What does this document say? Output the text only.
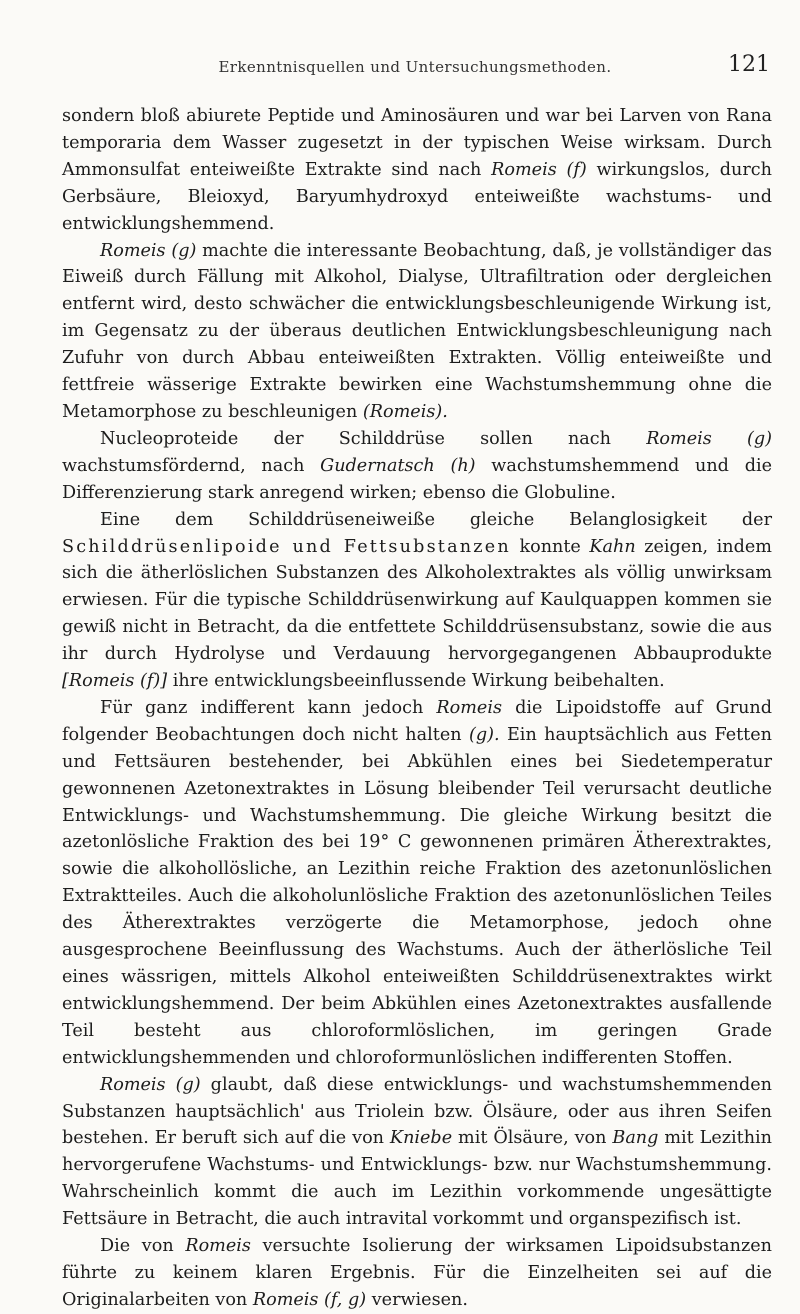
Erkenntnisquellen und Untersuchungsmethoden.	121

sondern bloß abiurete Peptide und Aminosäuren und war bei Larven von Rana temporaria dem Wasser zugesetzt in der typischen Weise wirksam. Durch Ammonsulfat enteiweißte Extrakte sind nach Romeis (f) wirkungslos, durch Gerbsäure, Bleioxyd, Baryumhydroxyd enteiweißte wachstums- und entwicklungshemmend.

Romeis (g) machte die interessante Beobachtung, daß, je vollständiger das Eiweiß durch Fällung mit Alkohol, Dialyse, Ultrafiltration oder dergleichen entfernt wird, desto schwächer die entwicklungsbeschleunigende Wirkung ist, im Gegensatz zu der überaus deutlichen Entwicklungsbeschleunigung nach Zufuhr von durch Abbau enteiweißten Extrakten. Völlig enteiweißte und fettfreie wässerige Extrakte bewirken eine Wachstumshemmung ohne die Metamorphose zu beschleunigen (Romeis).

Nucleoproteide der Schilddrüse sollen nach Romeis (g) wachstumsfördernd, nach Gudernatsch (h) wachstumshemmend und die Differenzierung stark anregend wirken; ebenso die Globuline.

Eine dem Schilddrüseneiweiße gleiche Belanglosigkeit der Schilddrüsenlipoide und Fettsubstanzen konnte Kahn zeigen, indem sich die ätherlöslichen Substanzen des Alkoholextraktes als völlig unwirksam erwiesen. Für die typische Schilddrüsenwirkung auf Kaulquappen kommen sie gewiß nicht in Betracht, da die entfettete Schilddrüsensubstanz, sowie die aus ihr durch Hydrolyse und Verdauung hervorgegangenen Abbauprodukte [Romeis (f)] ihre entwicklungsbeeinflussende Wirkung beibehalten.

Für ganz indifferent kann jedoch Romeis die Lipoidstoffe auf Grund folgender Beobachtungen doch nicht halten (g). Ein hauptsächlich aus Fetten und Fettsäuren bestehender, bei Abkühlen eines bei Siedetemperatur gewonnenen Azetonextraktes in Lösung bleibender Teil verursacht deutliche Entwicklungs- und Wachstumshemmung. Die gleiche Wirkung besitzt die azetonlösliche Fraktion des bei 19° C gewonnenen primären Ätherextraktes, sowie die alkohollösliche, an Lezithin reiche Fraktion des azetonunlöslichen Extraktteiles. Auch die alkoholunlösliche Fraktion des azetonunlöslichen Teiles des Ätherextraktes verzögerte die Metamorphose, jedoch ohne ausgesprochene Beeinflussung des Wachstums. Auch der ätherlösliche Teil eines wässrigen, mittels Alkohol enteiweißten Schilddrüsenextraktes wirkt entwicklungshemmend. Der beim Abkühlen eines Azetonextraktes ausfallende Teil besteht aus chloroformlöslichen, im geringen Grade entwicklungshemmenden und chloroformunlöslichen indifferenten Stoffen.

Romeis (g) glaubt, daß diese entwicklungs- und wachstumshemmenden Substanzen hauptsächlich' aus Triolein bzw. Ölsäure, oder aus ihren Seifen bestehen. Er beruft sich auf die von Kniebe mit Ölsäure, von Bang mit Lezithin hervorgerufene Wachstums- und Entwicklungs- bzw. nur Wachstumshemmung. Wahrscheinlich kommt die auch im Lezithin vorkommende ungesättigte Fettsäure in Betracht, die auch intravital vorkommt und organspezifisch ist.

Die von Romeis versuchte Isolierung der wirksamen Lipoidsubstanzen führte zu keinem klaren Ergebnis. Für die Einzelheiten sei auf die Originalarbeiten von Romeis (f, g) verwiesen.
